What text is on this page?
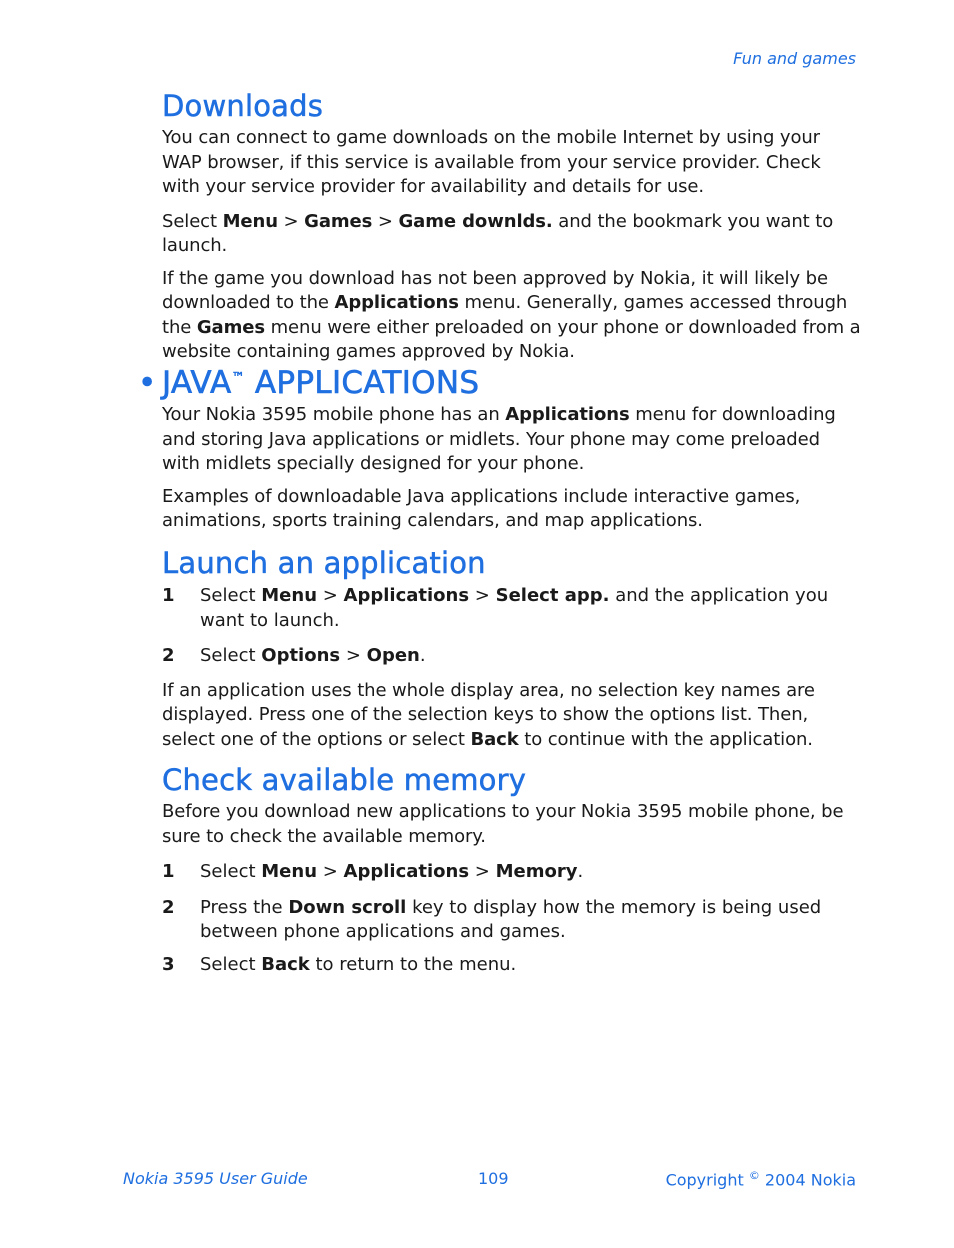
Fun and games
Downloads

You can connect to game downloads on the mobile Internet by using your WAP browser, if this service is available from your service provider. Check with your service provider for availability and details for use.

Select Menu > Games > Game downlds. and the bookmark you want to launch.

If the game you download has not been approved by Nokia, it will likely be downloaded to the Applications menu. Generally, games accessed through the Games menu were either preloaded on your phone or downloaded from a website containing games approved by Nokia.

• JAVA™ APPLICATIONS

Your Nokia 3595 mobile phone has an Applications menu for downloading and storing Java applications or midlets. Your phone may come preloaded with midlets specially designed for your phone.

Examples of downloadable Java applications include interactive games, animations, sports training calendars, and map applications.

Launch an application
1 Select Menu > Applications > Select app. and the application you want to launch.
2 Select Options > Open.

If an application uses the whole display area, no selection key names are displayed. Press one of the selection keys to show the options list. Then, select one of the options or select Back to continue with the application.

Check available memory

Before you download new applications to your Nokia 3595 mobile phone, be sure to check the available memory.

1 Select Menu > Applications > Memory.
2 Press the Down scroll key to display how the memory is being used between phone applications and games.
3 Select Back to return to the menu.
Nokia 3595 User Guide	109	Copyright © 2004 Nokia
